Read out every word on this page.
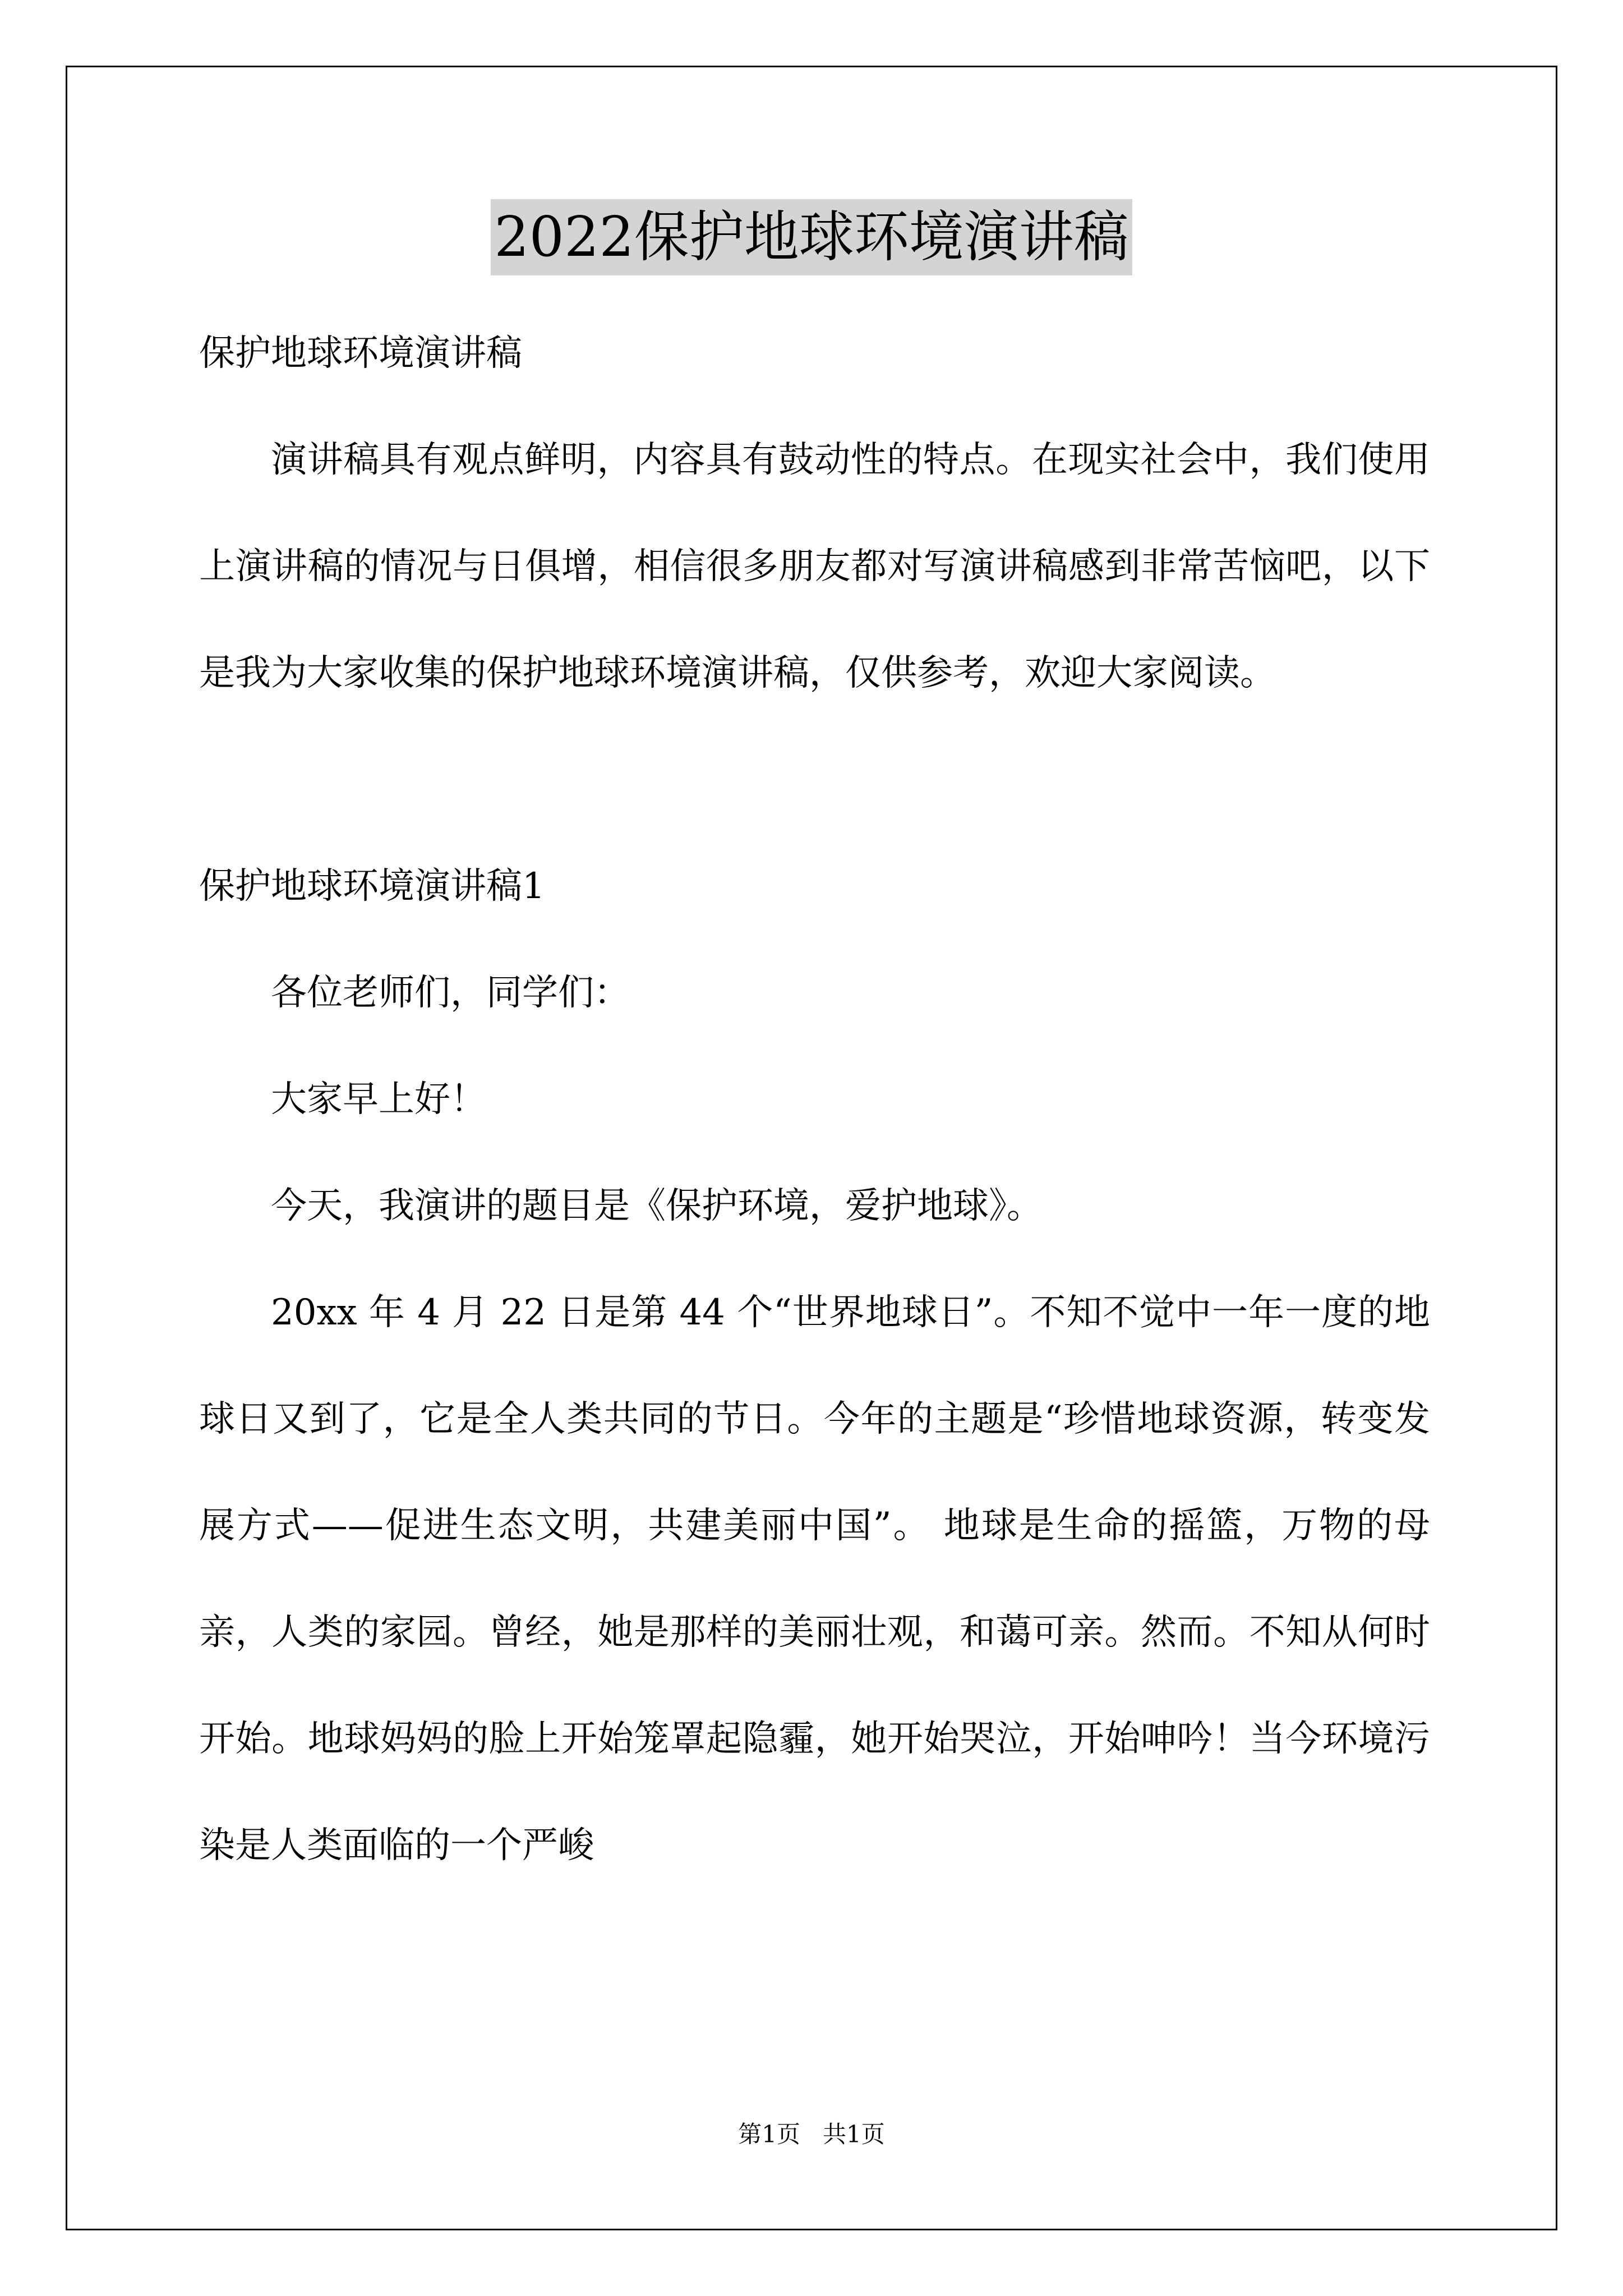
2022保护地球环境演讲稿

保护地球环境演讲稿

演讲稿具有观点鲜明，内容具有鼓动性的特点。在现实社会中，我们使用上演讲稿的情况与日俱增，相信很多朋友都对写演讲稿感到非常苦恼吧，以下是我为大家收集的保护地球环境演讲稿，仅供参考，欢迎大家阅读。

保护地球环境演讲稿1

各位老师们，同学们：

大家早上好！

今天，我演讲的题目是《保护环境，爱护地球》。

20xx 年 4 月 22 日是第 44 个“世界地球日”。不知不觉中一年一度的地球日又到了，它是全人类共同的节日。今年的主题是“珍惜地球资源，转变发展方式——促进生态文明，共建美丽中国”。 地球是生命的摇篮，万物的母亲，人类的家园。曾经，她是那样的美丽壮观，和蔼可亲。然而。不知从何时开始。地球妈妈的脸上开始笼罩起隐霾，她开始哭泣，开始呻吟！当今环境污染是人类面临的一个严峻

第1页   共1页
